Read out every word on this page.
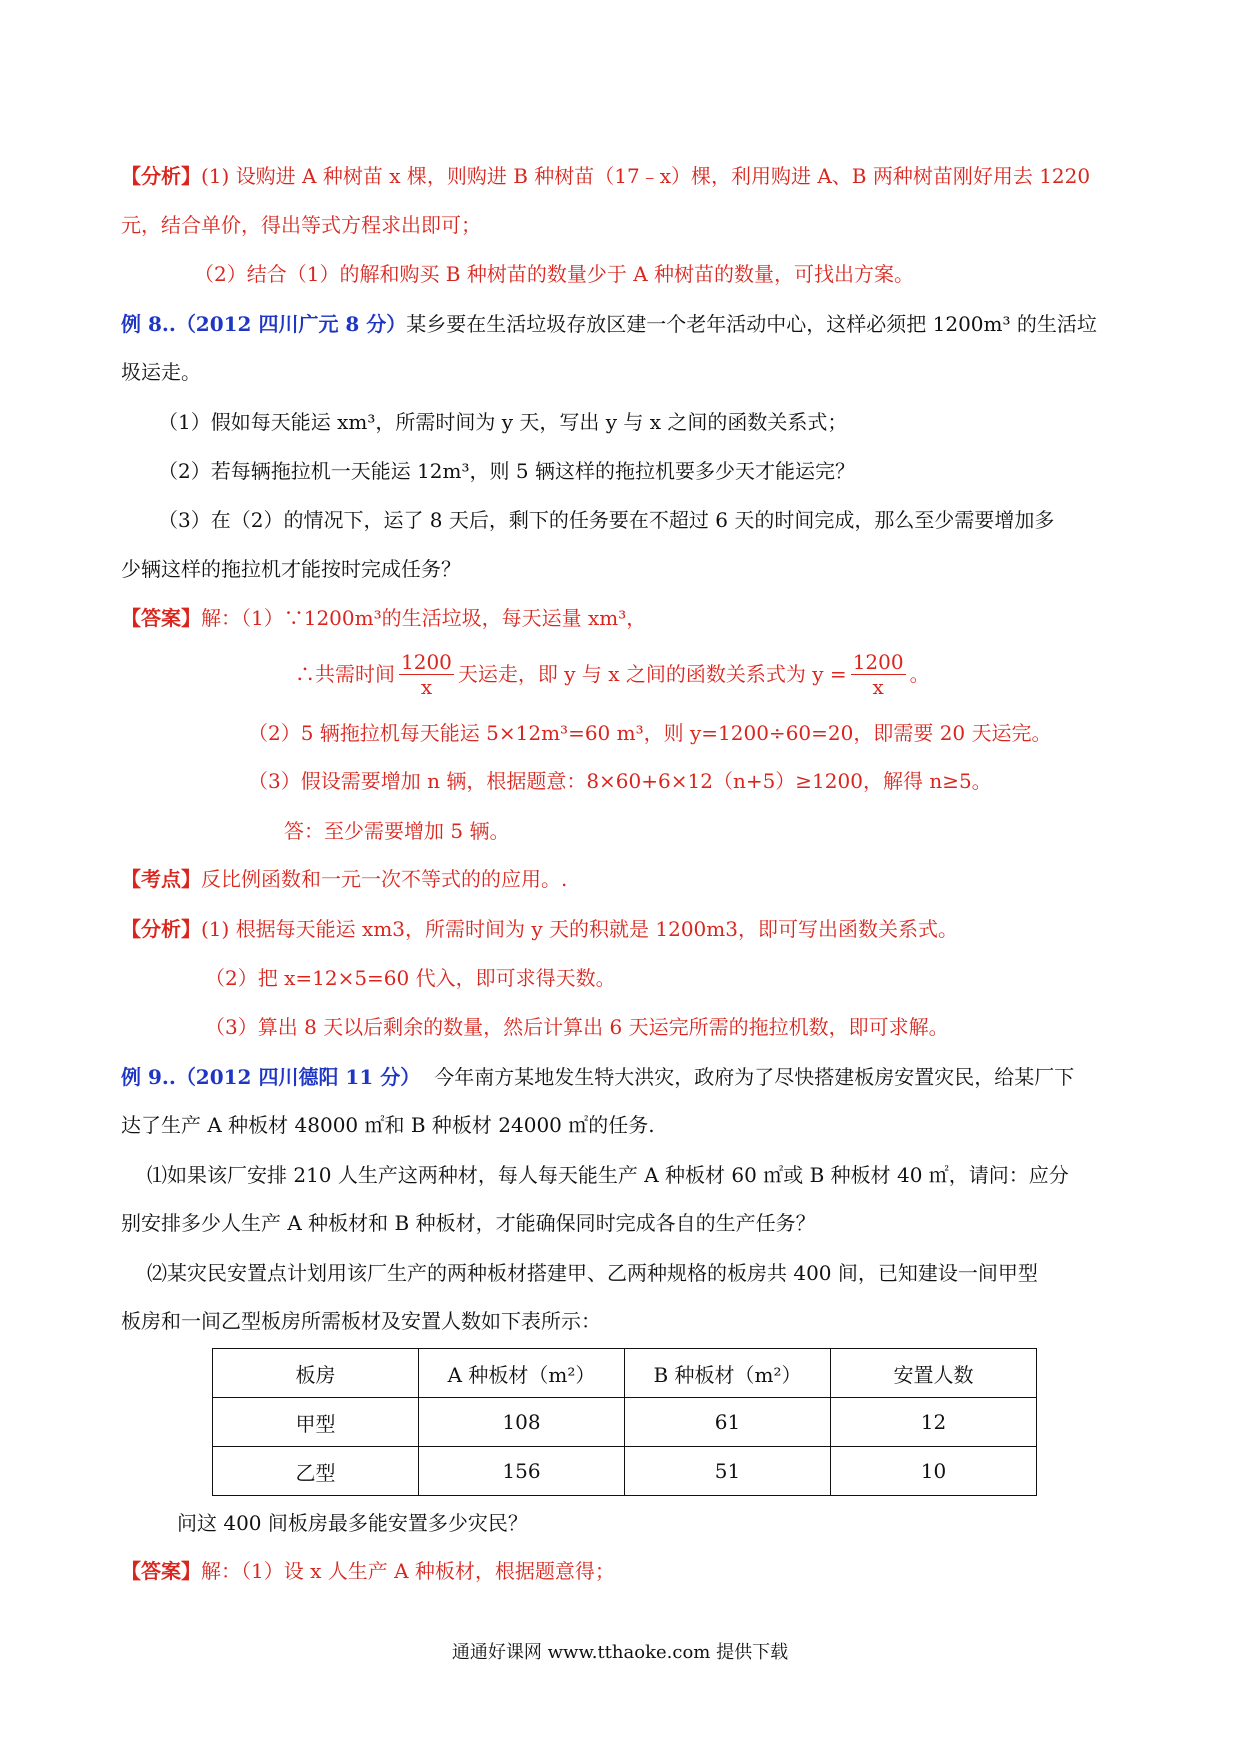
【分析】(1) 设购进 A 种树苗 x 棵，则购进 B 种树苗（17﹣x）棵，利用购进 A、B 两种树苗刚好用去 1220
元，结合单价，得出等式方程求出即可；
（2）结合（1）的解和购买 B 种树苗的数量少于 A 种树苗的数量，可找出方案。
例 8..（2012 四川广元 8 分）某乡要在生活垃圾存放区建一个老年活动中心，这样必须把 1200m³ 的生活垃
圾运走。
（1）假如每天能运 xm³，所需时间为 y 天，写出 y 与 x 之间的函数关系式；
（2）若每辆拖拉机一天能运 12m³，则 5 辆这样的拖拉机要多少天才能运完？
（3）在（2）的情况下，运了 8 天后，剩下的任务要在不超过 6 天的时间完成，那么至少需要增加多
少辆这样的拖拉机才能按时完成任务？
【答案】解：（1）∵1200m³的生活垃圾，每天运量 xm³，
∴共需时间 $\frac{1200}{x}$ 天运走，即 y 与 x 之间的函数关系式为 $y = \frac{1200}{x}$ 。
（2）5 辆拖拉机每天能运 5×12m³=60 m³，则 y=1200÷60=20，即需要 20 天运完。
（3）假设需要增加 n 辆，根据题意：8×60+6×12（n+5）≥1200，解得 n≥5。
答：至少需要增加 5 辆。
【考点】反比例函数和一元一次不等式的的应用。.
【分析】(1) 根据每天能运 xm3，所需时间为 y 天的积就是 1200m3，即可写出函数关系式。
（2）把 x=12×5=60 代入，即可求得天数。
（3）算出 8 天以后剩余的数量，然后计算出 6 天运完所需的拖拉机数，即可求解。
例 9..（2012 四川德阳 11 分） 今年南方某地发生特大洪灾，政府为了尽快搭建板房安置灾民，给某厂下
达了生产 A 种板材 48000 ㎡和 B 种板材 24000 ㎡的任务.
⑴如果该厂安排 210 人生产这两种材，每人每天能生产 A 种板材 60 ㎡或 B 种板材 40 ㎡，请问：应分
别安排多少人生产 A 种板材和 B 种板材，才能确保同时完成各自的生产任务？
⑵某灾民安置点计划用该厂生产的两种板材搭建甲、乙两种规格的板房共 400 间，已知建设一间甲型
板房和一间乙型板房所需板材及安置人数如下表所示：
板房	A 种板材（m²）	B 种板材（m²）	安置人数
甲型	108	61	12
乙型	156	51	10
问这 400 间板房最多能安置多少灾民？
【答案】解：（1）设 x 人生产 A 种板材，根据题意得；
通通好课网 www.tthaoke.com 提供下载
